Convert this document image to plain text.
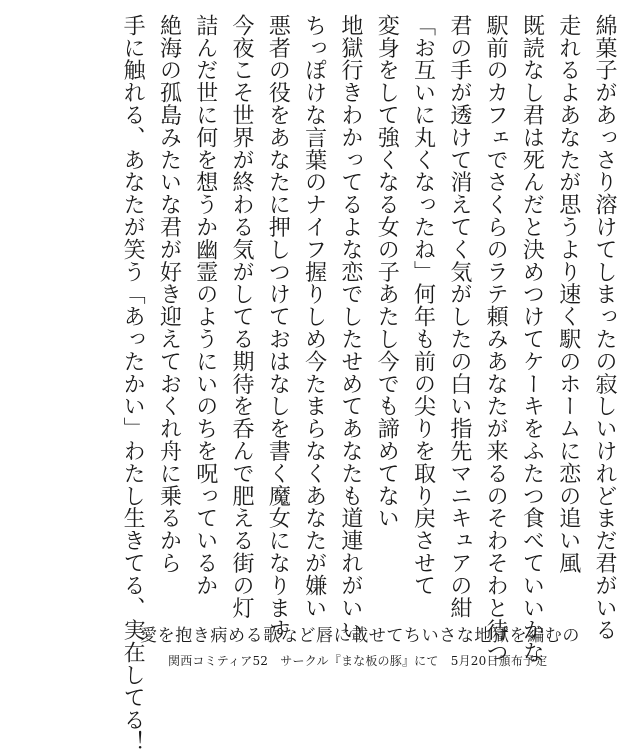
綿菓子があっさり溶けてしまったの寂しいけれどまだ君がいる
走れるよあなたが思うより速く駅のホームに恋の追い風
既読なし君は死んだと決めつけてケーキをふたつ食べていいかな
駅前のカフェでさくらのラテ頼みあなたが来るのそわそわと待つ
君の手が透けて消えてく気がしたの白い指先マニキュアの紺
「お互いに丸くなったね」何年も前の尖りを取り戻させて
変身をして強くなる女の子あたし今でも諦めてない
地獄行きわかってるよな恋でしたせめてあなたも道連れがいい
ちっぽけな言葉のナイフ握りしめ今たまらなくあなたが嫌い
悪者の役をあなたに押しつけておはなしを書く魔女になります
今夜こそ世界が終わる気がしてる期待を呑んで肥える街の灯
詰んだ世に何を想うか幽霊のようにいのちを呪っているか
絶海の孤島みたいな君が好き迎えておくれ舟に乗るから
手に触れる、あなたが笑う「あったかい」わたし生きてる、実在してる！

愛を抱き病める歌など唇に載せてちいさな地獄を編むの

関西コミティア52　サークル『まな板の豚』にて　5月20日頒布予定
